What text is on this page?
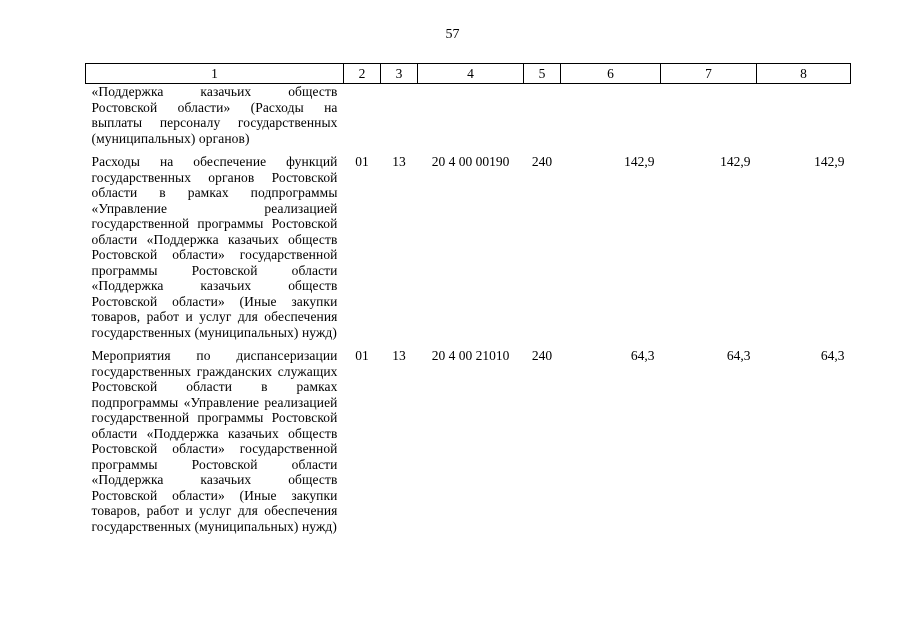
57
1	2	3	4	5	6	7	8
«Поддержка казачьих обществ Ростовской области» (Расходы на выплаты персоналу государственных (муниципальных) органов)							

Расходы на обеспечение функций государственных органов Ростовской области в рамках подпрограммы «Управление реализацией государственной программы Ростовской области «Поддержка казачьих обществ Ростовской области» государственной программы Ростовской области «Поддержка казачьих обществ Ростовской области» (Иные закупки товаров, работ и услуг для обеспечения государственных (муниципальных) нужд)	01	13	20 4 00 00190	240	142,9	142,9	142,9

Мероприятия по диспансеризации государственных гражданских служащих Ростовской области в рамках подпрограммы «Управление реализацией государственной программы Ростовской области «Поддержка казачьих обществ Ростовской области» государственной программы Ростовской области «Поддержка казачьих обществ Ростовской области» (Иные закупки товаров, работ и услуг для обеспечения государственных (муниципальных) нужд)	01	13	20 4 00 21010	240	64,3	64,3	64,3
